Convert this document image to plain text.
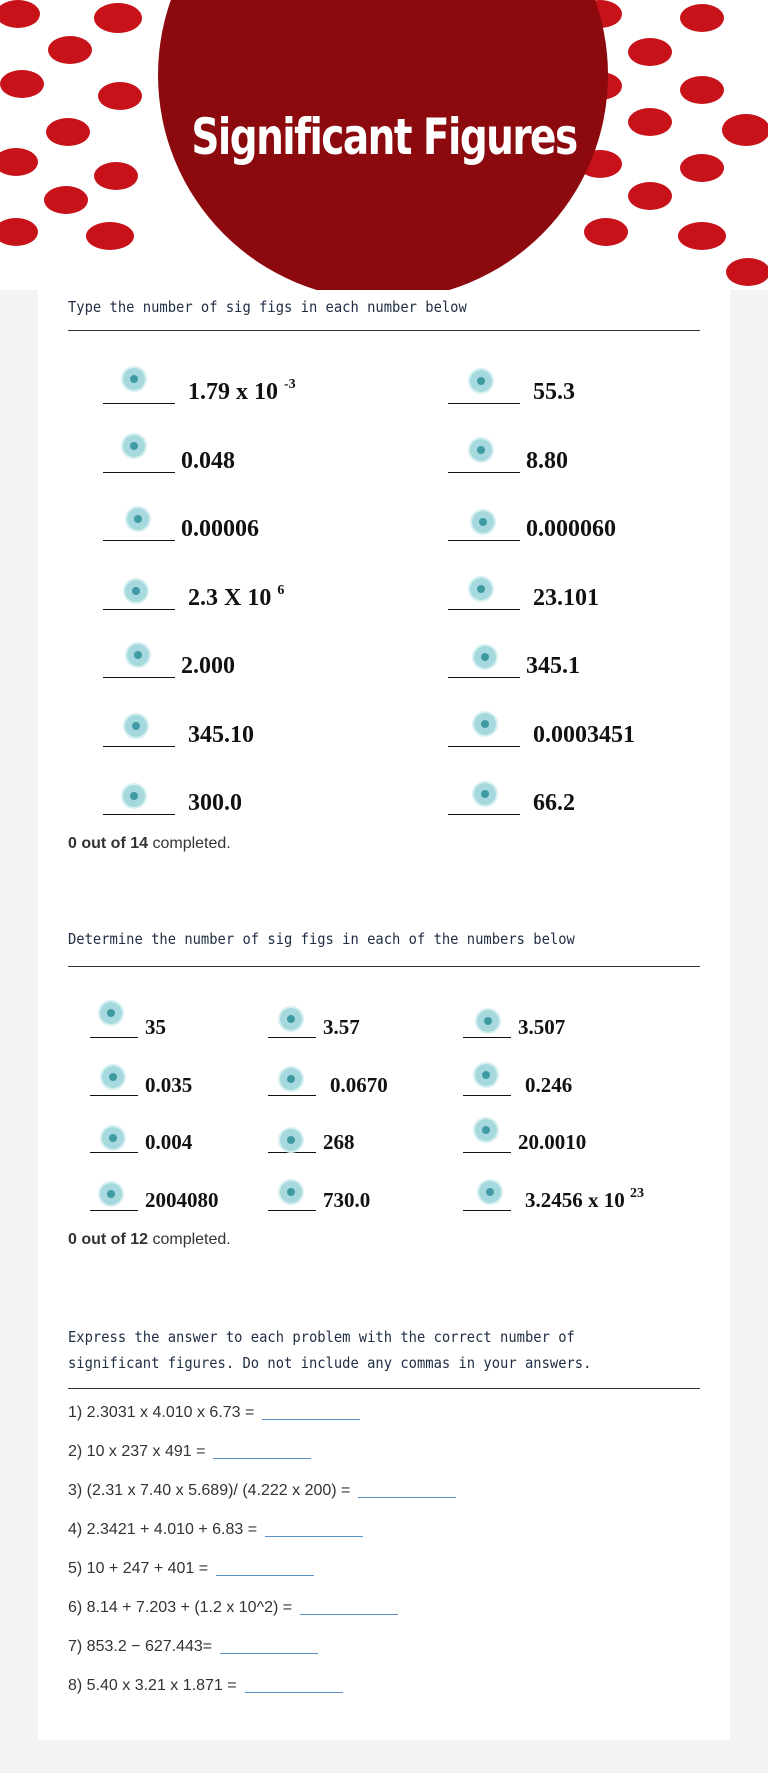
Significant Figures
Type the number of sig figs in each number below
1.79 x 10 $^{-3}$	55.3
0.048	8.80
0.00006	0.000060
2.3 X 10 $^6$	23.101
2.000	345.1
345.10	0.0003451
300.0	66.2
0 out of 14 completed.
Determine the number of sig figs in each of the numbers below
35	3.57	3.507
0.035	0.0670	0.246
0.004	268	20.0010
2004080	730.0	3.2456 x 10 $^{23}$
0 out of 12 completed.
Express the answer to each problem with the correct number of significant figures. Do not include any commas in your answers.
1) 2.3031 x 4.010 x 6.73 =
2) 10 x 237 x 491 =
3) (2.31 x 7.40 x 5.689)/ (4.222 x 200) =
4) 2.3421 + 4.010 + 6.83 =
5) 10 + 247 + 401 =
6) 8.14 + 7.203 + (1.2 x 10^2) =
7) 853.2 − 627.443=
8) 5.40 x 3.21 x 1.871 =
